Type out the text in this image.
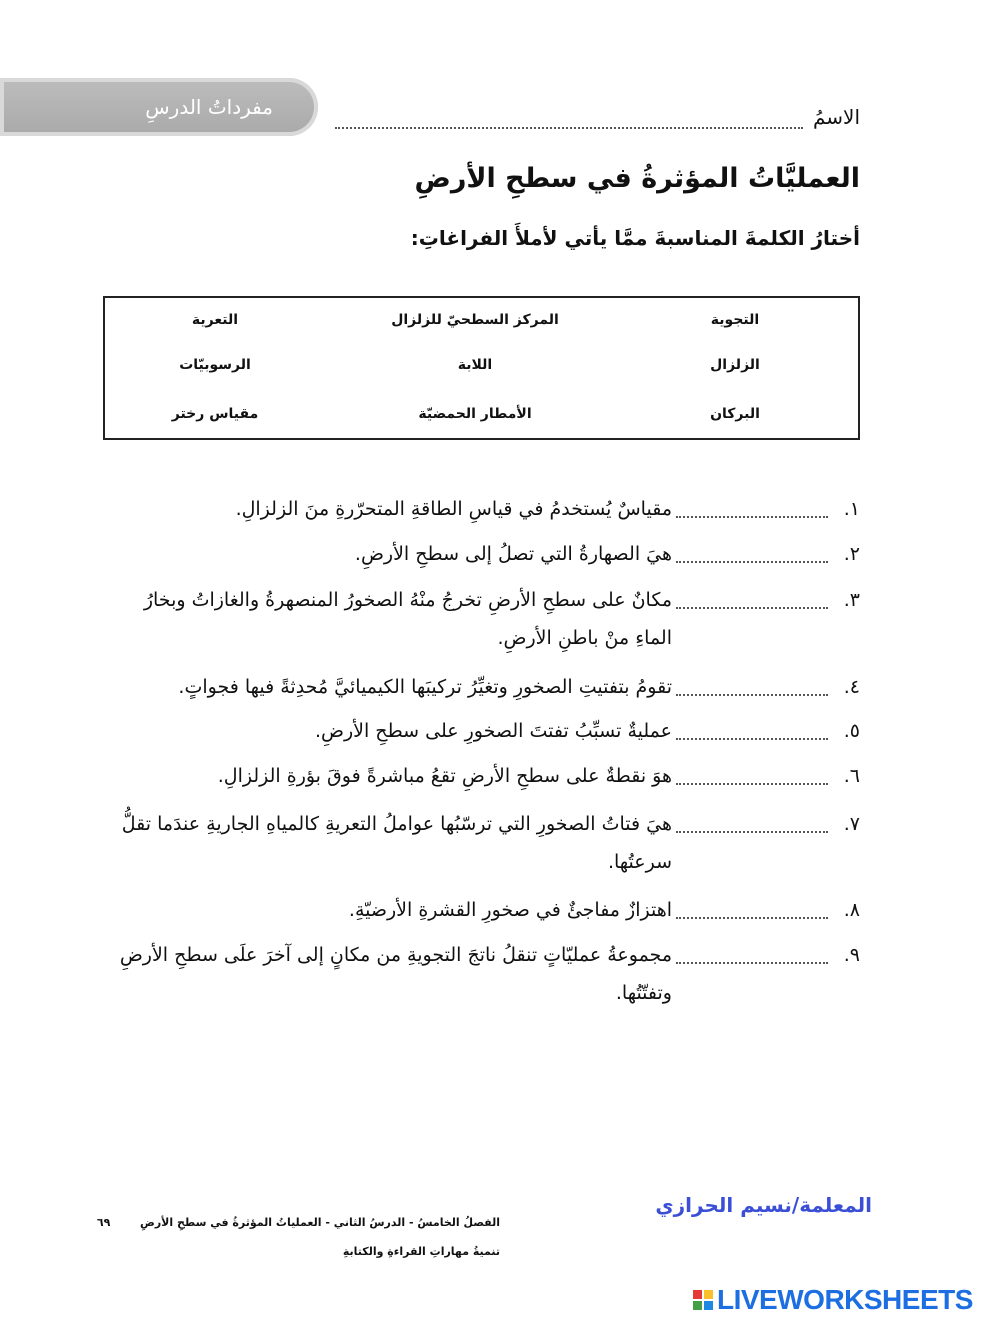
مفرداتُ الدرسِ	الاسمُ
العمليَّاتُ المؤثرةُ في سطحِ الأرضِ
أختارُ الكلمةَ المناسبةَ ممَّا يأتي لأملأَ الفراغاتِ:
التجوية
المركز السطحيّ للزلزال
التعرية
الزلزال
اللابة
الرسوبيّات
البركان
الأمطار الحمضيّة
مقياس رختر
١.
مقياسٌ يُستخدمُ في قياسِ الطاقةِ المتحرّرةِ منَ الزلزالِ.
٢.
هيَ الصهارةُ التي تصلُ إلى سطحِ الأرضِ.
٣.
مكانٌ على سطحِ الأرضِ تخرجُ منْهُ الصخورُ المنصهرةُ والغازاتُ وبخارُ
الماءِ منْ باطنِ الأرضِ.
٤.
تقومُ بتفتيتِ الصخورِ وتغيِّرُ تركيبَها الكيميائيَّ مُحدِثةً فيها فجواتٍ.
٥.
عمليةٌ تسبِّبُ تفتتَ الصخورِ على سطحِ الأرضِ.
٦.
هوَ نقطةٌ على سطحِ الأرضِ تقعُ مباشرةً فوقَ بؤرةِ الزلزالِ.
٧.
هيَ فتاتُ الصخورِ التي ترسّبُها عواملُ التعريةِ كالمياهِ الجاريةِ عندَما تقلُّ
سرعتُها.
٨.
اهتزازٌ مفاجئٌ في صخورِ القشرةِ الأرضيّةِ.
٩.
مجموعةُ عمليّاتٍ تنقلُ ناتجَ التجويةِ من مكانٍ إلى آخرَ علَى سطحِ الأرضِ
وتفتّتُها.
المعلمة/نسيم الحرازي
الفصلُ الخامسُ - الدرسُ الثاني - العملياتُ المؤثرةُ في سطحِ الأرضِ  ٦٩
تنميةُ مهاراتِ القراءةِ والكتابةِ
LIVEWORKSHEETS
